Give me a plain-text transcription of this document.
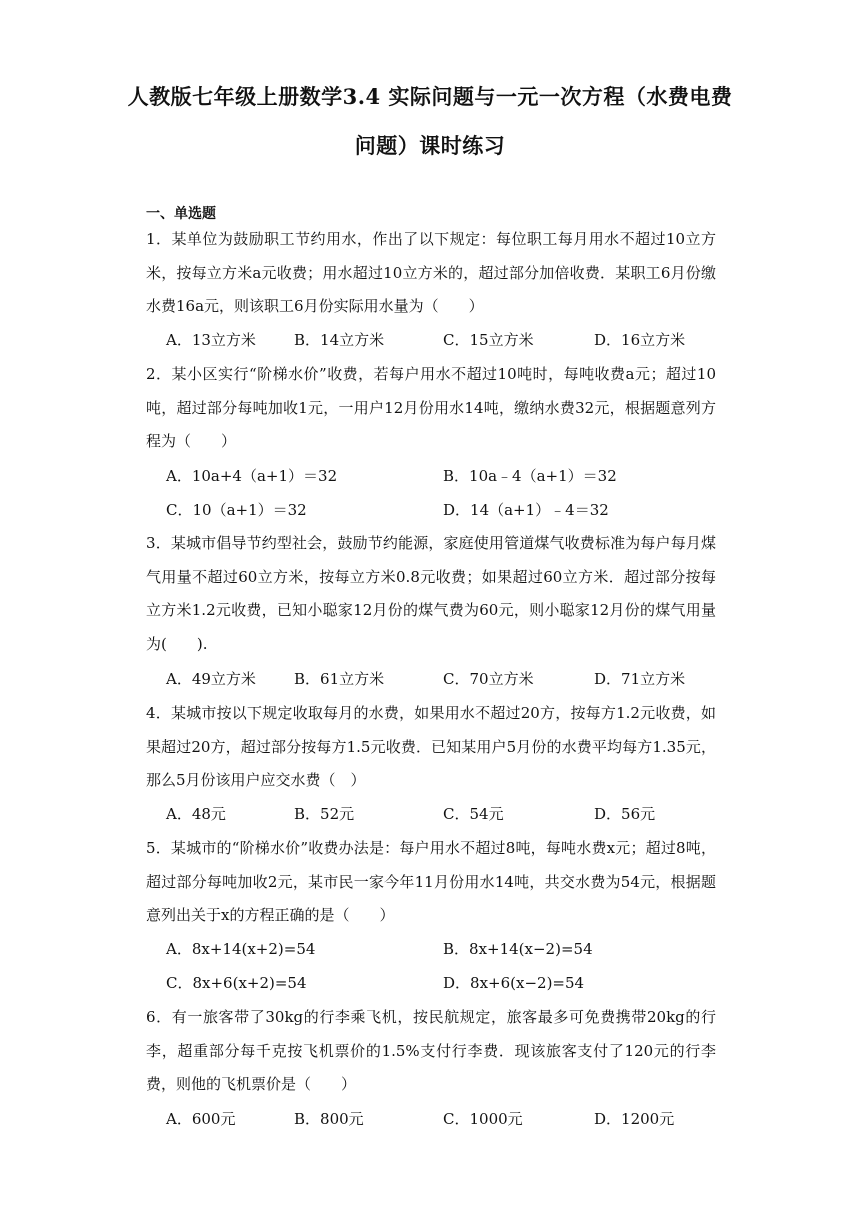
人教版七年级上册数学3.4 实际问题与一元一次方程（水费电费问题）课时练习
一、单选题
1．某单位为鼓励职工节约用水，作出了以下规定：每位职工每月用水不超过10立方米，按每立方米a元收费；用水超过10立方米的，超过部分加倍收费．某职工6月份缴水费16a元，则该职工6月份实际用水量为（　　）
A．13立方米	B．14立方米	C．15立方米	D．16立方米
2．某小区实行“阶梯水价”收费，若每户用水不超过10吨时，每吨收费a元；超过10吨，超过部分每吨加收1元，一用户12月份用水14吨，缴纳水费32元，根据题意列方程为（　　）
A．10a+4（a+1）＝32	B．10a﹣4（a+1）＝32
C．10（a+1）＝32	D．14（a+1）﹣4＝32
3．某城市倡导节约型社会，鼓励节约能源，家庭使用管道煤气收费标准为每户每月煤气用量不超过60立方米，按每立方米0.8元收费；如果超过60立方米．超过部分按每立方米1.2元收费，已知小聪家12月份的煤气费为60元，则小聪家12月份的煤气用量为(　　).
A．49立方米	B．61立方米	C．70立方米	D．71立方米
4．某城市按以下规定收取每月的水费，如果用水不超过20方，按每方1.2元收费，如果超过20方，超过部分按每方1.5元收费．已知某用户5月份的水费平均每方1.35元，那么5月份该用户应交水费（　）
A．48元	B．52元	C．54元	D．56元
5．某城市的“阶梯水价”收费办法是：每户用水不超过8吨，每吨水费x元；超过8吨，超过部分每吨加收2元，某市民一家今年11月份用水14吨，共交水费为54元，根据题意列出关于x的方程正确的是（　　）
A．8x+14(x+2)=54	B．8x+14(x−2)=54
C．8x+6(x+2)=54	D．8x+6(x−2)=54
6．有一旅客带了30kg的行李乘飞机，按民航规定，旅客最多可免费携带20kg的行李，超重部分每千克按飞机票价的1.5%支付行李费．现该旅客支付了120元的行李费，则他的飞机票价是（　　）
A．600元	B．800元	C．1000元	D．1200元
